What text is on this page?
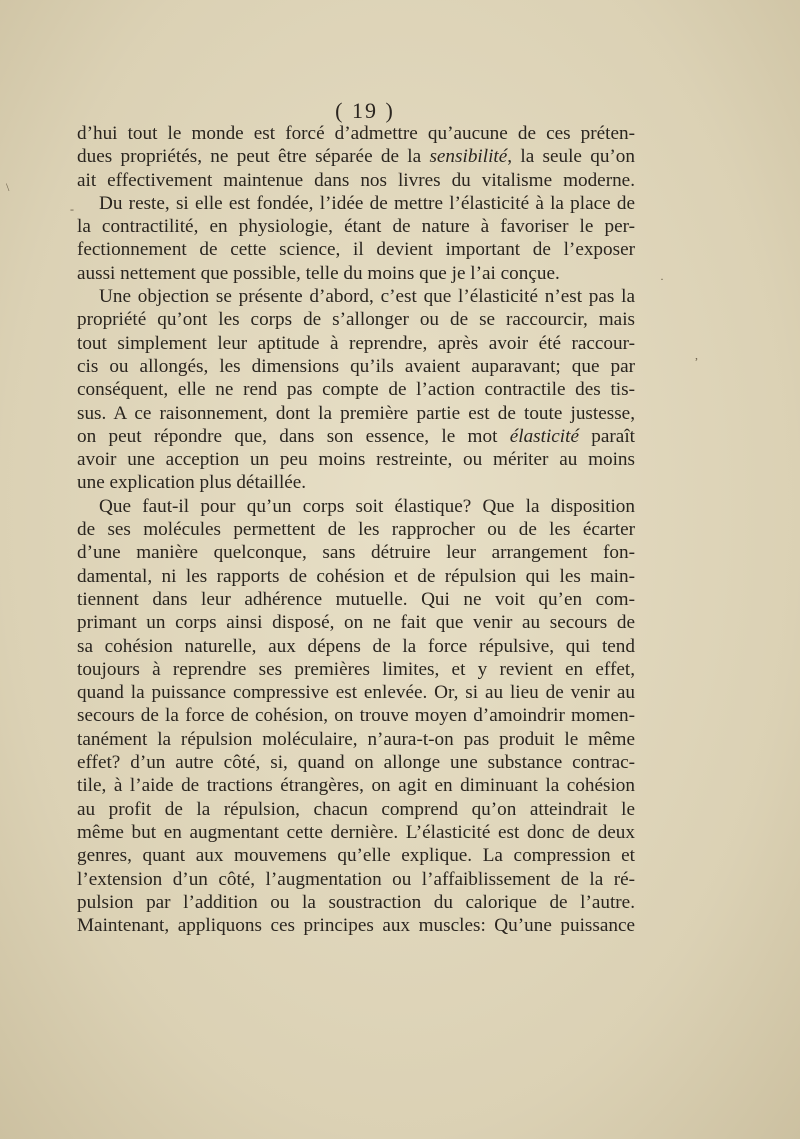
( 19 )
d’hui tout le monde est forcé d’admettre qu’aucune de ces préten-
dues propriétés, ne peut être séparée de la sensibilité, la seule qu’on
ait effectivement maintenue dans nos livres du vitalisme moderne.
Du reste, si elle est fondée, l’idée de mettre l’élasticité à la place de
la contractilité, en physiologie, étant de nature à favoriser le per-
fectionnement de cette science, il devient important de l’exposer
aussi nettement que possible, telle du moins que je l’ai conçue.
Une objection se présente d’abord, c’est que l’élasticité n’est pas la
propriété qu’ont les corps de s’allonger ou de se raccourcir, mais
tout simplement leur aptitude à reprendre, après avoir été raccour-
cis ou allongés, les dimensions qu’ils avaient auparavant; que par
conséquent, elle ne rend pas compte de l’action contractile des tis-
sus. A ce raisonnement, dont la première partie est de toute justesse,
on peut répondre que, dans son essence, le mot élasticité paraît
avoir une acception un peu moins restreinte, ou mériter au moins
une explication plus détaillée.
Que faut-il pour qu’un corps soit élastique? Que la disposition
de ses molécules permettent de les rapprocher ou de les écarter
d’une manière quelconque, sans détruire leur arrangement fon-
damental, ni les rapports de cohésion et de répulsion qui les main-
tiennent dans leur adhérence mutuelle. Qui ne voit qu’en com-
primant un corps ainsi disposé, on ne fait que venir au secours de
sa cohésion naturelle, aux dépens de la force répulsive, qui tend
toujours à reprendre ses premières limites, et y revient en effet,
quand la puissance compressive est enlevée. Or, si au lieu de venir au
secours de la force de cohésion, on trouve moyen d’amoindrir momen-
tanément la répulsion moléculaire, n’aura-t-on pas produit le même
effet? d’un autre côté, si, quand on allonge une substance contrac-
tile, à l’aide de tractions étrangères, on agit en diminuant la cohésion
au profit de la répulsion, chacun comprend qu’on atteindrait le
même but en augmentant cette dernière. L’élasticité est donc de deux
genres, quant aux mouvemens qu’elle explique. La compression et
l’extension d’un côté, l’augmentation ou l’affaiblissement de la ré-
pulsion par l’addition ou la soustraction du calorique de l’autre.
Maintenant, appliquons ces principes aux muscles: Qu’une puissance
-
\
·
,
